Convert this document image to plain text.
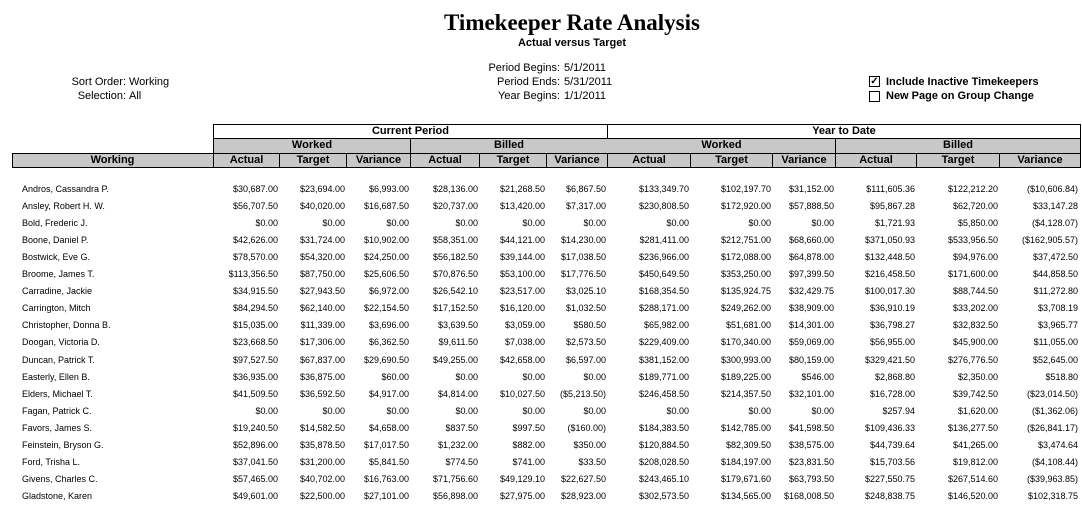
Timekeeper Rate Analysis
Actual versus Target
Sort Order: Working
Selection: All
Period Begins: 5/1/2011
Period Ends: 5/31/2011
Year Begins: 1/1/2011
✓ Include Inactive Timekeepers
New Page on Group Change
Current Period	Year to Date
Worked	Billed	Worked	Billed
Working	Actual	Target	Variance	Actual	Target	Variance	Actual	Target	Variance	Actual	Target	Variance
Andros, Cassandra P.	$30,687.00 $23,694.00	$6,993.00	$28,136.00 $21,268.50 $6,867.50	$133,349.70	$102,197.70 $31,152.00	$111,605.36	$122,212.20	($10,606.84)
Ansley, Robert H. W.	$56,707.50 $40,020.00 $16,687.50	$20,737.00 $13,420.00 $7,317.00	$230,808.50	$172,920.00 $57,888.50	$95,867.28	$62,720.00	$33,147.28
Bold, Frederic J.	$0.00	$0.00	$0.00	$0.00	$0.00	$0.00	$0.00	$0.00	$0.00	$1,721.93	$5,850.00	($4,128.07)
Boone, Daniel P.	$42,626.00 $31,724.00 $10,902.00	$58,351.00 $44,121.00 $14,230.00	$281,411.00	$212,751.00 $68,660.00	$371,050.93	$533,956.50	($162,905.57)
Bostwick, Eve G.	$78,570.00 $54,320.00 $24,250.00	$56,182.50 $39,144.00 $17,038.50	$236,966.00	$172,088.00 $64,878.00	$132,448.50	$94,976.00	$37,472.50
Broome, James T.	$113,356.50 $87,750.00 $25,606.50	$70,876.50 $53,100.00 $17,776.50	$450,649.50	$353,250.00 $97,399.50	$216,458.50	$171,600.00	$44,858.50
Carradine, Jackie	$34,915.50 $27,943.50	$6,972.00	$26,542.10 $23,517.00 $3,025.10	$168,354.50	$135,924.75 $32,429.75	$100,017.30	$88,744.50	$11,272.80
Carrington, Mitch	$84,294.50 $62,140.00 $22,154.50	$17,152.50 $16,120.00 $1,032.50	$288,171.00	$249,262.00 $38,909.00	$36,910.19	$33,202.00	$3,708.19
Christopher, Donna B.	$15,035.00	$11,339.00	$3,696.00	$3,639.50	$3,059.00	$580.50	$65,982.00	$51,681.00 $14,301.00	$36,798.27	$32,832.50	$3,965.77
Doogan, Victoria D.	$23,668.50 $17,306.00	$6,362.50	$9,611.50	$7,038.00 $2,573.50	$229,409.00	$170,340.00 $59,069.00	$56,955.00	$45,900.00	$11,055.00
Duncan, Patrick T.	$97,527.50 $67,837.00 $29,690.50	$49,255.00 $42,658.00 $6,597.00	$381,152.00	$300,993.00 $80,159.00	$329,421.50	$276,776.50	$52,645.00
Easterly, Ellen B.	$36,935.00 $36,875.00	$60.00	$0.00	$0.00	$0.00	$189,771.00	$189,225.00	$546.00	$2,868.80	$2,350.00	$518.80
Elders, Michael T.	$41,509.50 $36,592.50	$4,917.00	$4,814.00 $10,027.50 ($5,213.50)	$246,458.50	$214,357.50 $32,101.00	$16,728.00	$39,742.50	($23,014.50)
Fagan, Patrick C.	$0.00	$0.00	$0.00	$0.00	$0.00	$0.00	$0.00	$0.00	$0.00	$257.94	$1,620.00	($1,362.06)
Favors, James S.	$19,240.50 $14,582.50	$4,658.00	$837.50	$997.50 ($160.00)	$184,383.50	$142,785.00 $41,598.50	$109,436.33	$136,277.50	($26,841.17)
Feinstein, Bryson G.	$52,896.00 $35,878.50 $17,017.50	$1,232.00	$882.00	$350.00	$120,884.50	$82,309.50 $38,575.00	$44,739.64	$41,265.00	$3,474.64
Ford, Trisha L.	$37,041.50 $31,200.00	$5,841.50	$774.50	$741.00	$33.50	$208,028.50	$184,197.00 $23,831.50	$15,703.56	$19,812.00	($4,108.44)
Givens, Charles C.	$57,465.00 $40,702.00 $16,763.00	$71,756.60 $49,129.10 $22,627.50	$243,465.10	$179,671.60 $63,793.50	$227,550.75	$267,514.60	($39,963.85)
Gladstone, Karen	$49,601.00 $22,500.00 $27,101.00	$56,898.00 $27,975.00 $28,923.00	$302,573.50	$134,565.00 $168,008.50	$248,838.75	$146,520.00	$102,318.75
